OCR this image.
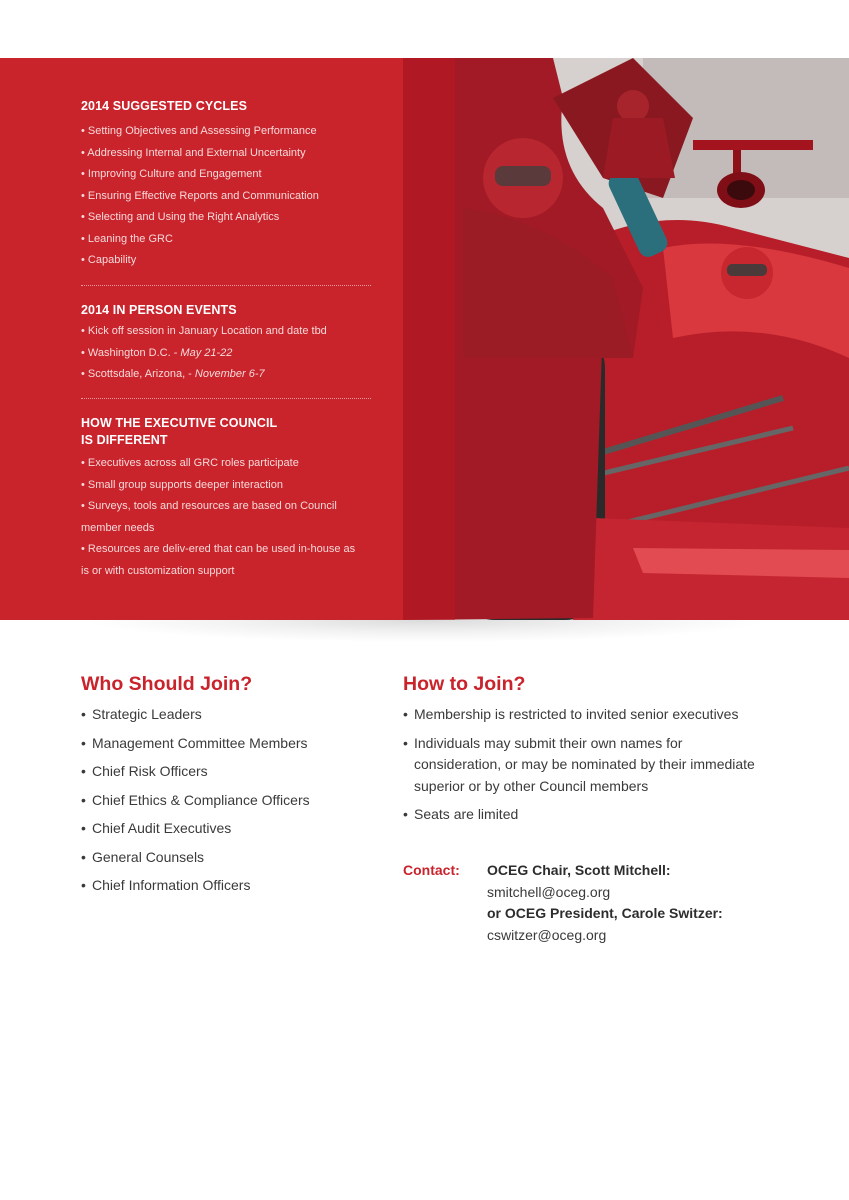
2014 SUGGESTED CYCLES
• Setting Objectives and Assessing Performance
• Addressing Internal and External Uncertainty
• Improving Culture and Engagement
• Ensuring Effective Reports and Communication
• Selecting and Using the Right Analytics
• Leaning the GRC
• Capability
2014 IN PERSON EVENTS
• Kick off session in January Location and date tbd
• Washington D.C. - May 21-22
• Scottsdale, Arizona, - November 6-7
HOW THE EXECUTIVE COUNCIL
IS DIFFERENT
• Executives across all GRC roles participate
• Small group supports deeper interaction
• Surveys, tools and resources are based on Council
member needs
• Resources are deliv-ered that can be used in-house as
is or with customization support
Who Should Join?
• Strategic Leaders
• Management Committee Members
• Chief Risk Officers
• Chief Ethics & Compliance Officers
• Chief Audit Executives
• General Counsels
• Chief Information Officers
How to Join?
• Membership is restricted to invited senior executives
• Individuals may submit their own names for consideration, or may be nominated by their immediate superior or by other Council members
• Seats are limited
Contact: OCEG Chair, Scott Mitchell:
smitchell@oceg.org
or OCEG President, Carole Switzer:
cswitzer@oceg.org
